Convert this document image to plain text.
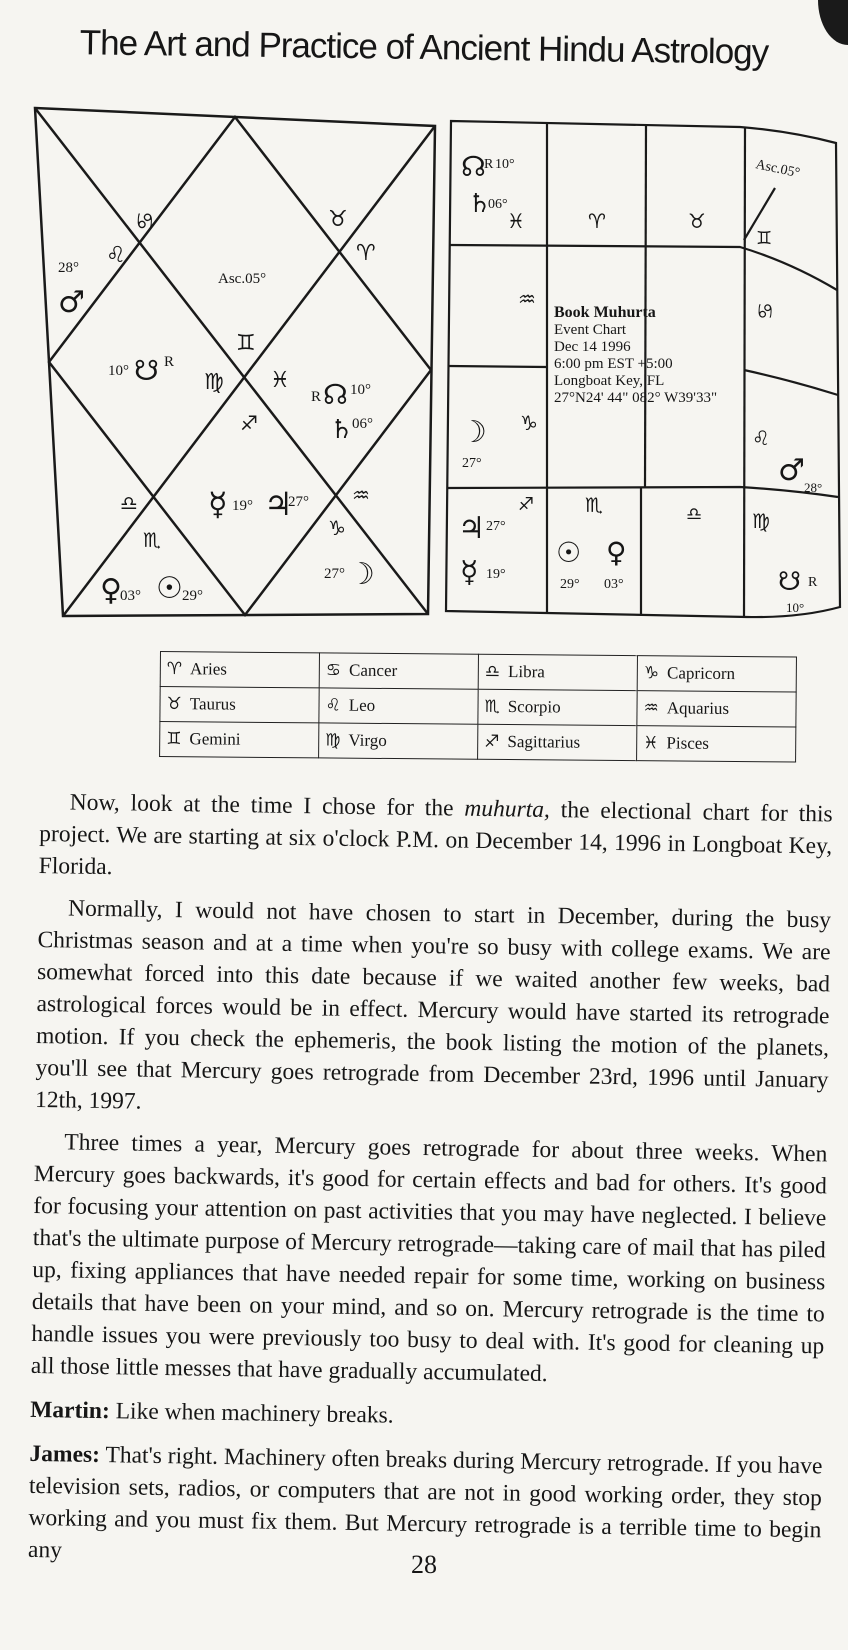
The Art and Practice of Ancient Hindu Astrology
Asc.05°
♋
♌
♉
♈
♊
♍ ♓
♐
♎
♏
♒
♑
28°
♂
10° ☋ R
R ☊ 10°
♄
06°
☿ 19° ♃
27°
♀
03° ☉ 29°
27° ☽
Book Muhurta
Event Chart
Dec 14 1996
6:00 pm EST +5:00
Longboat Key, FL
27°N24' 44" 082° W39'33"
Asc.05°
♓	♈	♉
♊
♒	♋
♑
♌
♐	♏	♎ ♍
☊
R 10°
♄
06°
☽
27°
♃ 27°
☿ 19°
☉
29°
♀
03°
♂ 28°
☋ R
10°
♈ Aries	♋ Cancer	♎ Libra	♑ Capricorn
♉ Taurus	♌ Leo	♏ Scorpio	♒ Aquarius
♊ Gemini	♍ Virgo	♐ Sagittarius	♓ Pisces

Now, look at the time I chose for the muhurta, the electional chart for this project. We are starting at six o'clock P.M. on December 14, 1996 in Longboat Key, Florida.

Normally, I would not have chosen to start in December, during the busy Christmas season and at a time when you're so busy with college exams. We are somewhat forced into this date because if we waited another few weeks, bad astrological forces would be in effect. Mercury would have started its retrograde motion. If you check the ephemeris, the book listing the motion of the planets, you'll see that Mercury goes retrograde from December 23rd, 1996 until January 12th, 1997.

Three times a year, Mercury goes retrograde for about three weeks. When Mercury goes backwards, it's good for certain effects and bad for others. It's good for focusing your attention on past activities that you may have neglected. I believe that's the ultimate purpose of Mercury retrograde—taking care of mail that has piled up, fixing appliances that have needed repair for some time, working on business details that have been on your mind, and so on. Mercury retrograde is the time to handle issues you were previously too busy to deal with. It's good for cleaning up all those little messes that have gradually accumulated.

Martin: Like when machinery breaks.

James: That's right. Machinery often breaks during Mercury retrograde. If you have television sets, radios, or computers that are not in good working order, they stop working and you must fix them. But Mercury retrograde is a terrible time to begin any	28
